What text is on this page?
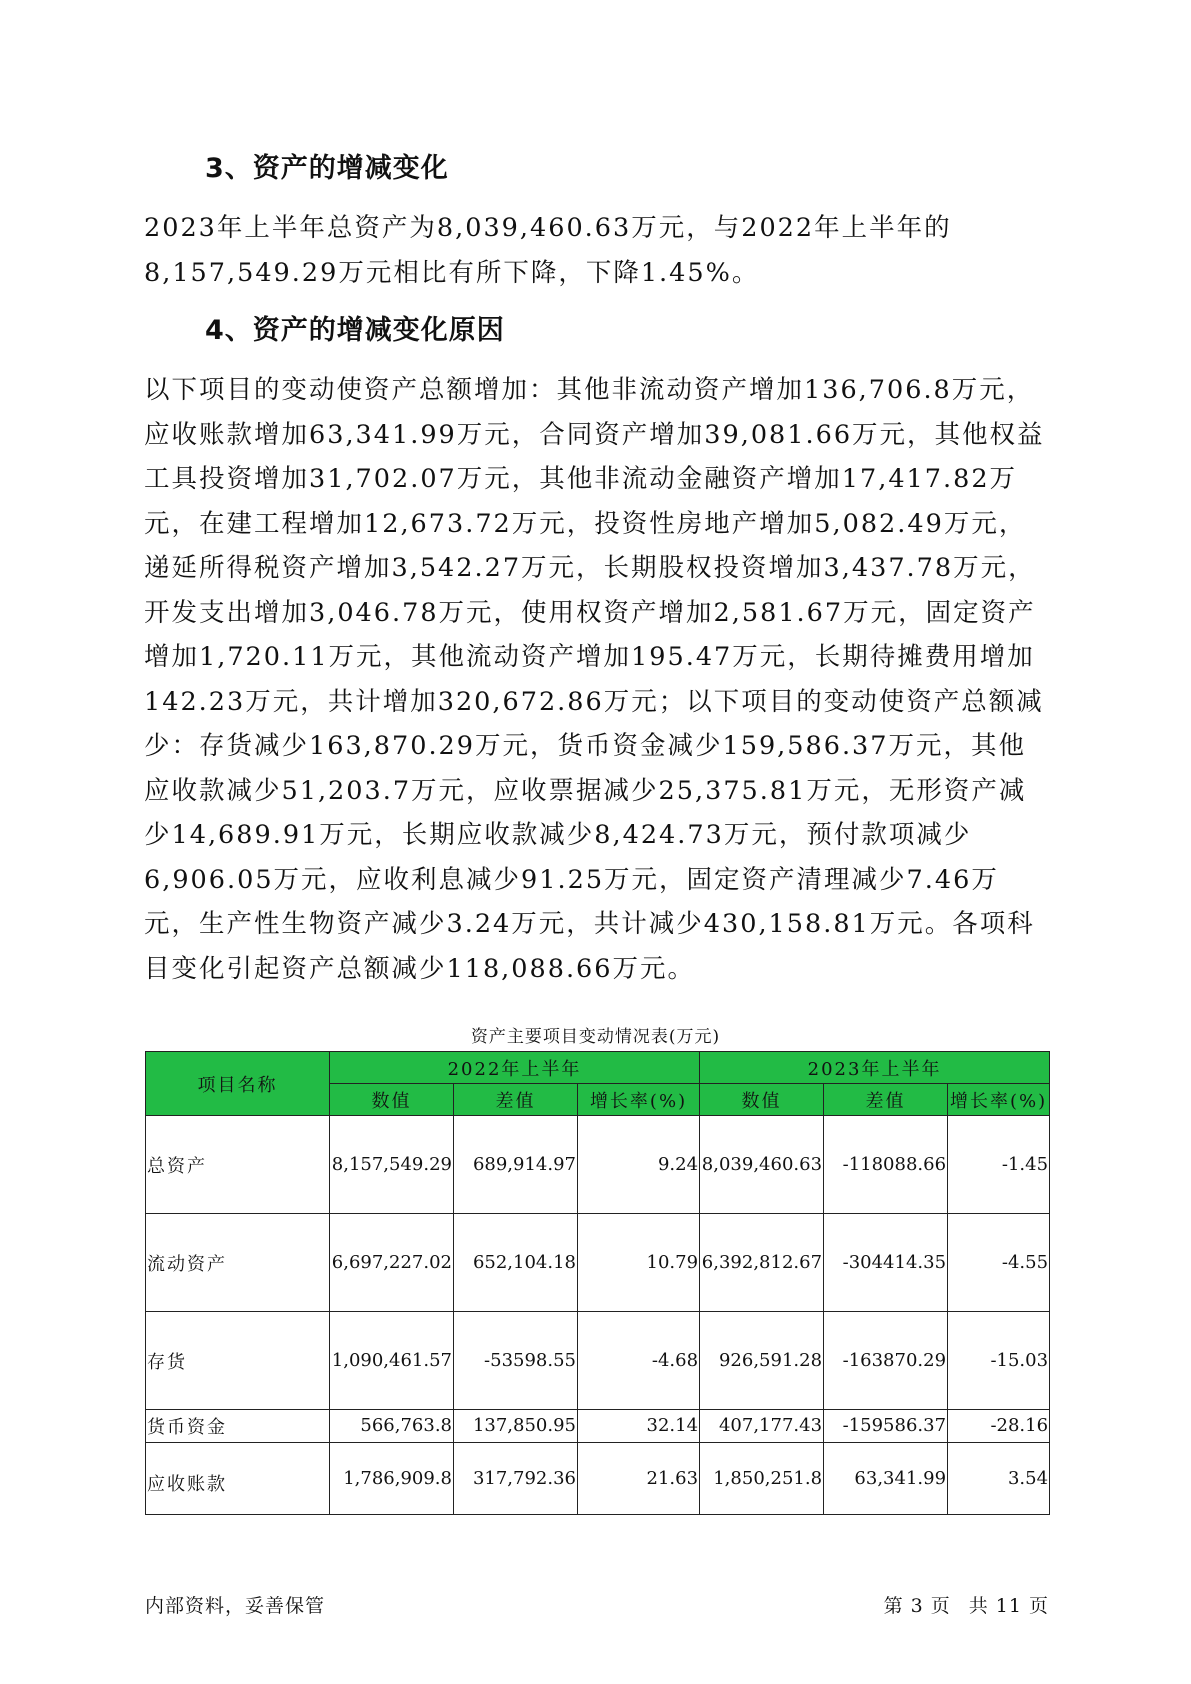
3、资产的增减变化

2023年上半年总资产为8,039,460.63万元，与2022年上半年的8,157,549.29万元相比有所下降，下降1.45%。

4、资产的增减变化原因

以下项目的变动使资产总额增加：其他非流动资产增加136,706.8万元，应收账款增加63,341.99万元，合同资产增加39,081.66万元，其他权益工具投资增加31,702.07万元，其他非流动金融资产增加17,417.82万元，在建工程增加12,673.72万元，投资性房地产增加5,082.49万元，递延所得税资产增加3,542.27万元，长期股权投资增加3,437.78万元，开发支出增加3,046.78万元，使用权资产增加2,581.67万元，固定资产增加1,720.11万元，其他流动资产增加195.47万元，长期待摊费用增加142.23万元，共计增加320,672.86万元；以下项目的变动使资产总额减少：存货减少163,870.29万元，货币资金减少159,586.37万元，其他应收款减少51,203.7万元，应收票据减少25,375.81万元，无形资产减少14,689.91万元，长期应收款减少8,424.73万元，预付款项减少6,906.05万元，应收利息减少91.25万元，固定资产清理减少7.46万元，生产性生物资产减少3.24万元，共计减少430,158.81万元。各项科目变化引起资产总额减少118,088.66万元。

资产主要项目变动情况表(万元)
项目名称	2022年上半年			2023年上半年		
	数值	差值	增长率(%)	数值	差值	增长率(%)
总资产	8,157,549.29	689,914.97	9.24	8,039,460.63	-118088.66	-1.45
流动资产	6,697,227.02	652,104.18	10.79	6,392,812.67	-304414.35	-4.55
存货	1,090,461.57	-53598.55	-4.68	926,591.28	-163870.29	-15.03
货币资金	566,763.8	137,850.95	32.14	407,177.43	-159586.37	-28.16
应收账款	1,786,909.8	317,792.36	21.63	1,850,251.8	63,341.99	3.54
内部资料，妥善保管	第 3 页 共 11 页
